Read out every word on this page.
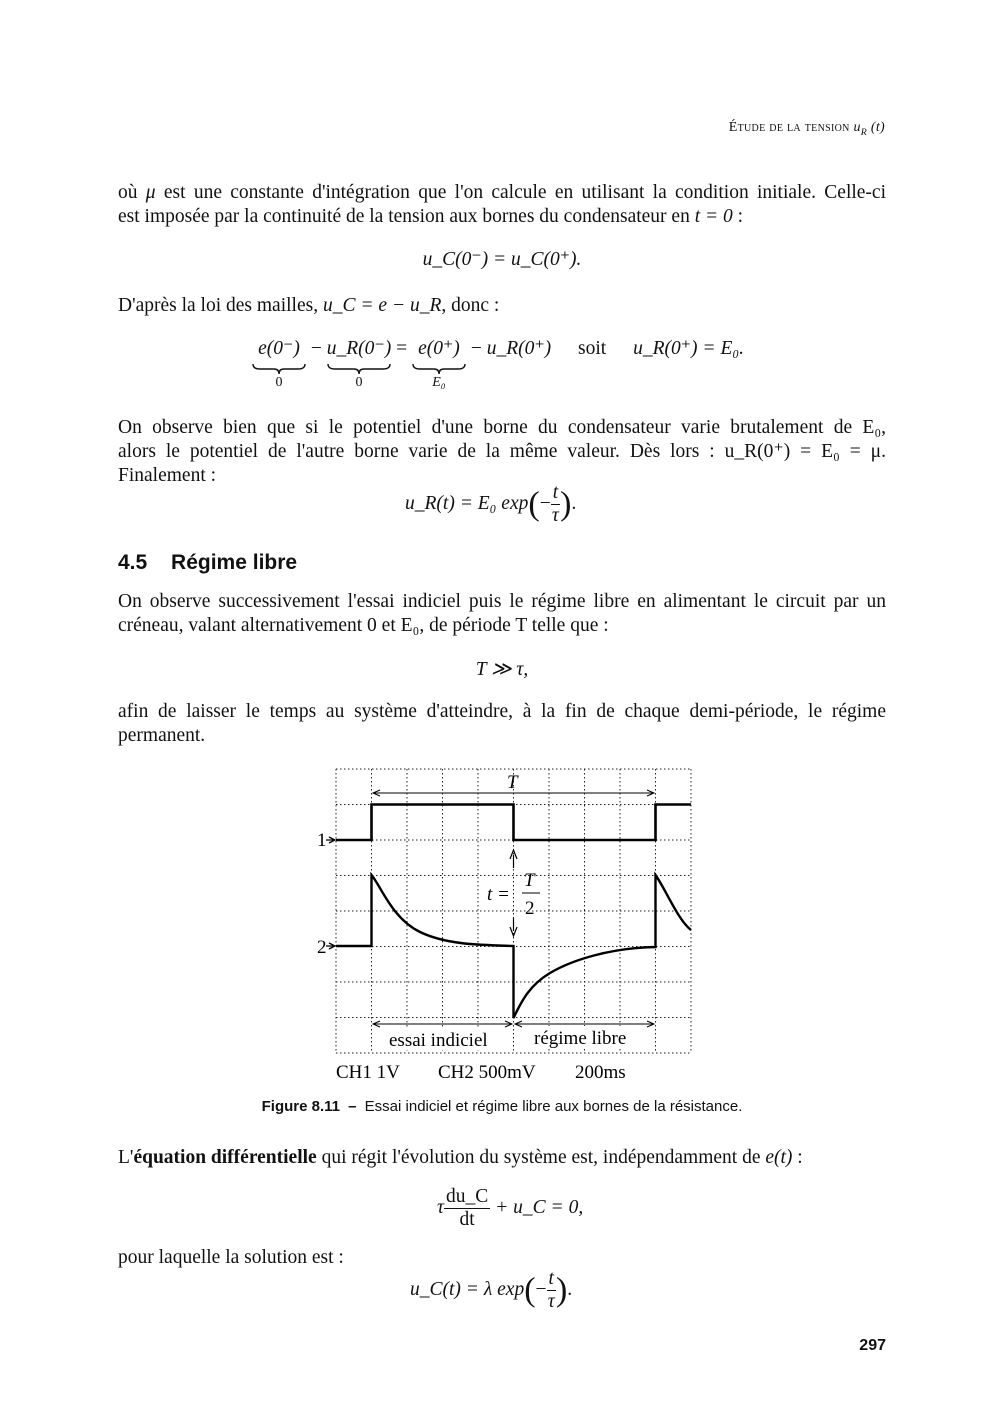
Étude de la tension $u_R$ (t)
où μ est une constante d'intégration que l'on calcule en utilisant la condition initiale. Celle-ci
est imposée par la continuité de la tension aux bornes du condensateur en t = 0 :
u_C(0⁻) = u_C(0⁺).
D'après la loi des mailles, u_C = e − u_R, donc :
e(0⁻)
0
− u_R(0⁻)
0
= e(0⁺)
E₀
− u_R(0⁺) soit u_R(0⁺) = E₀.
On observe bien que si le potentiel d'une borne du condensateur varie brutalement de E₀,
alors le potentiel de l'autre borne varie de la même valeur. Dès lors : u_R(0⁺) = E₀ = μ.
Finalement :
u_R(t) = E₀ $\exp(- \frac{t}{\tau}$ ).
4.5 Régime libre
On observe successivement l'essai indiciel puis le régime libre en alimentant le circuit par un
créneau, valant alternativement 0 et E₀, de période T telle que :
T ≫ τ,
afin de laisser le temps au système d'atteindre, à la fin de chaque demi-période, le régime
permanent.
1
2
T
t =
T
2
essai indiciel régime libre
CH1 1V CH2 500mV 200ms
Figure 8.11 – Essai indiciel et régime libre aux bornes de la résistance.
L'équation différentielle qui régit l'évolution du système est, indépendamment de e(t) :
τ $\frac{du\_C}{dt}$ + u_C = 0,
pour laquelle la solution est :
u_C(t) = λ $\exp(- \frac{t}{\tau}$ ).
297
